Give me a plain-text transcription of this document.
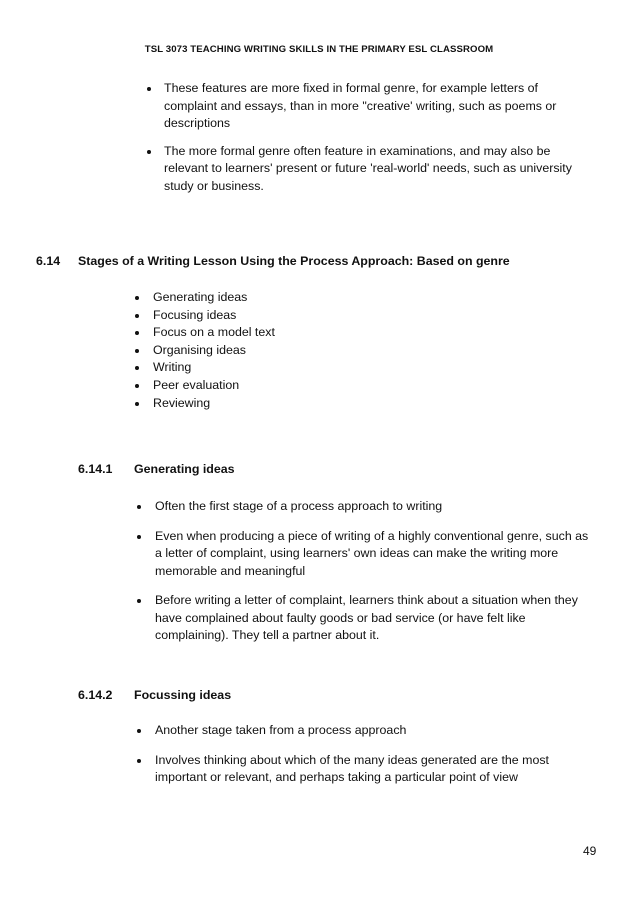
TSL 3073 TEACHING WRITING SKILLS IN THE PRIMARY ESL CLASSROOM
These features are more fixed in formal genre, for example letters of complaint and essays, than in more "creative' writing, such as poems or descriptions
The more formal genre often feature in examinations, and may also be relevant to learners' present or future 'real-world' needs, such as university study or business.
6.14 Stages of a Writing Lesson Using the Process Approach: Based on genre
Generating ideas
Focusing ideas
Focus on a model text
Organising ideas
Writing
Peer evaluation
Reviewing
6.14.1 Generating ideas
Often the first stage of a process approach to writing
Even when producing a piece of writing of a highly conventional genre, such as a letter of complaint, using learners' own ideas can make the writing more memorable and meaningful
Before writing a letter of complaint, learners think about a situation when they have complained about faulty goods or bad service (or have felt like complaining). They tell a partner about it.
6.14.2 Focussing ideas
Another stage taken from a process approach
Involves thinking about which of the many ideas generated are the most important or relevant, and perhaps taking a particular point of view
49
